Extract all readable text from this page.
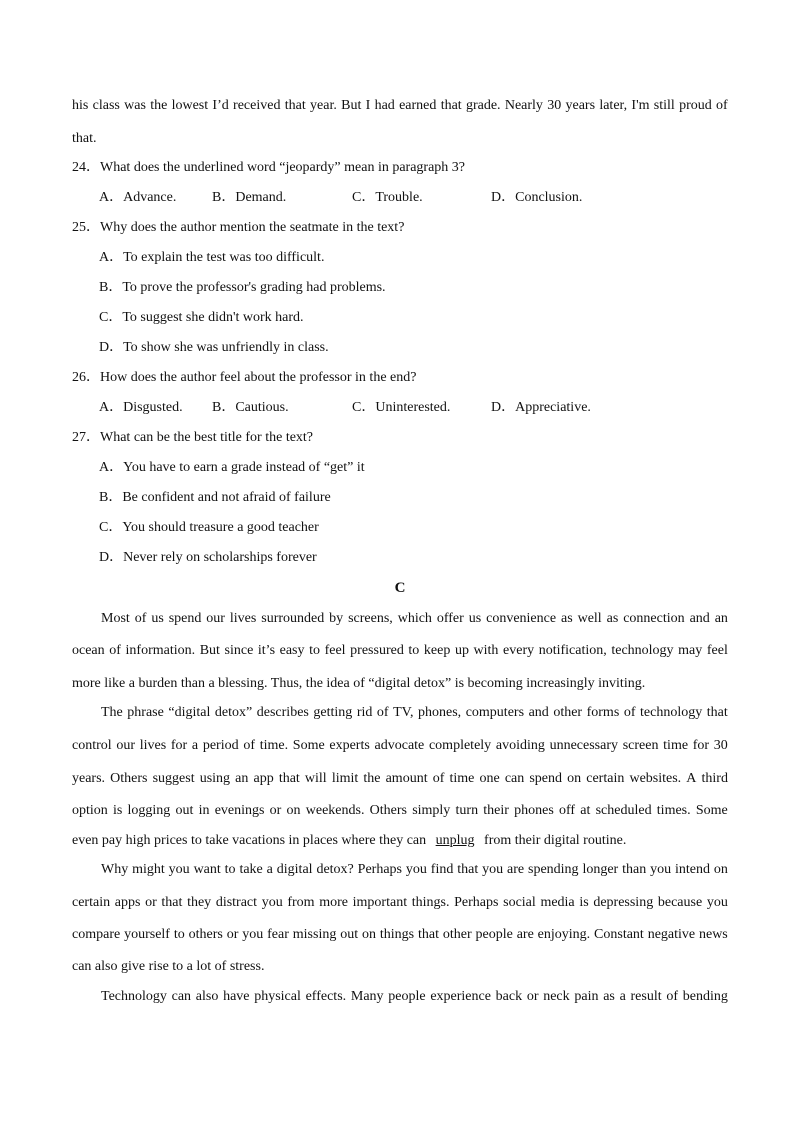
his class was the lowest I’d received that year. But I had earned that grade. Nearly 30 years later, I'm still proud of
that.
24．What does the underlined word “jeopardy” mean in paragraph 3?
A．Advance.	B．Demand.	C．Trouble.	D．Conclusion.
25．Why does the author mention the seatmate in the text?
A．To explain the test was too difficult.
B．To prove the professor's grading had problems.
C．To suggest she didn't work hard.
D．To show she was unfriendly in class.
26．How does the author feel about the professor in the end?
A．Disgusted. B．Cautious.	C．Uninterested.	D．Appreciative.
27．What can be the best title for the text?
A．You have to earn a grade instead of “get” it
B．Be confident and not afraid of failure
C．You should treasure a good teacher
D．Never rely on scholarships forever
C
Most of us spend our lives surrounded by screens, which offer us convenience as well as connection and an
ocean of information. But since it’s easy to feel pressured to keep up with every notification, technology may feel
more like a burden than a blessing. Thus, the idea of “digital detox” is becoming increasingly inviting.
The phrase “digital detox” describes getting rid of TV, phones, computers and other forms of technology that
control our lives for a period of time. Some experts advocate completely avoiding unnecessary screen time for 30
years. Others suggest using an app that will limit the amount of time one can spend on certain websites. A third
option is logging out in evenings or on weekends. Others simply turn their phones off at scheduled times. Some
even pay high prices to take vacations in places where they can unplug from their digital routine.
Why might you want to take a digital detox? Perhaps you find that you are spending longer than you intend on
certain apps or that they distract you from more important things. Perhaps social media is depressing because you
compare yourself to others or you fear missing out on things that other people are enjoying. Constant negative news
can also give rise to a lot of stress.
Technology can also have physical effects. Many people experience back or neck pain as a result of bending
